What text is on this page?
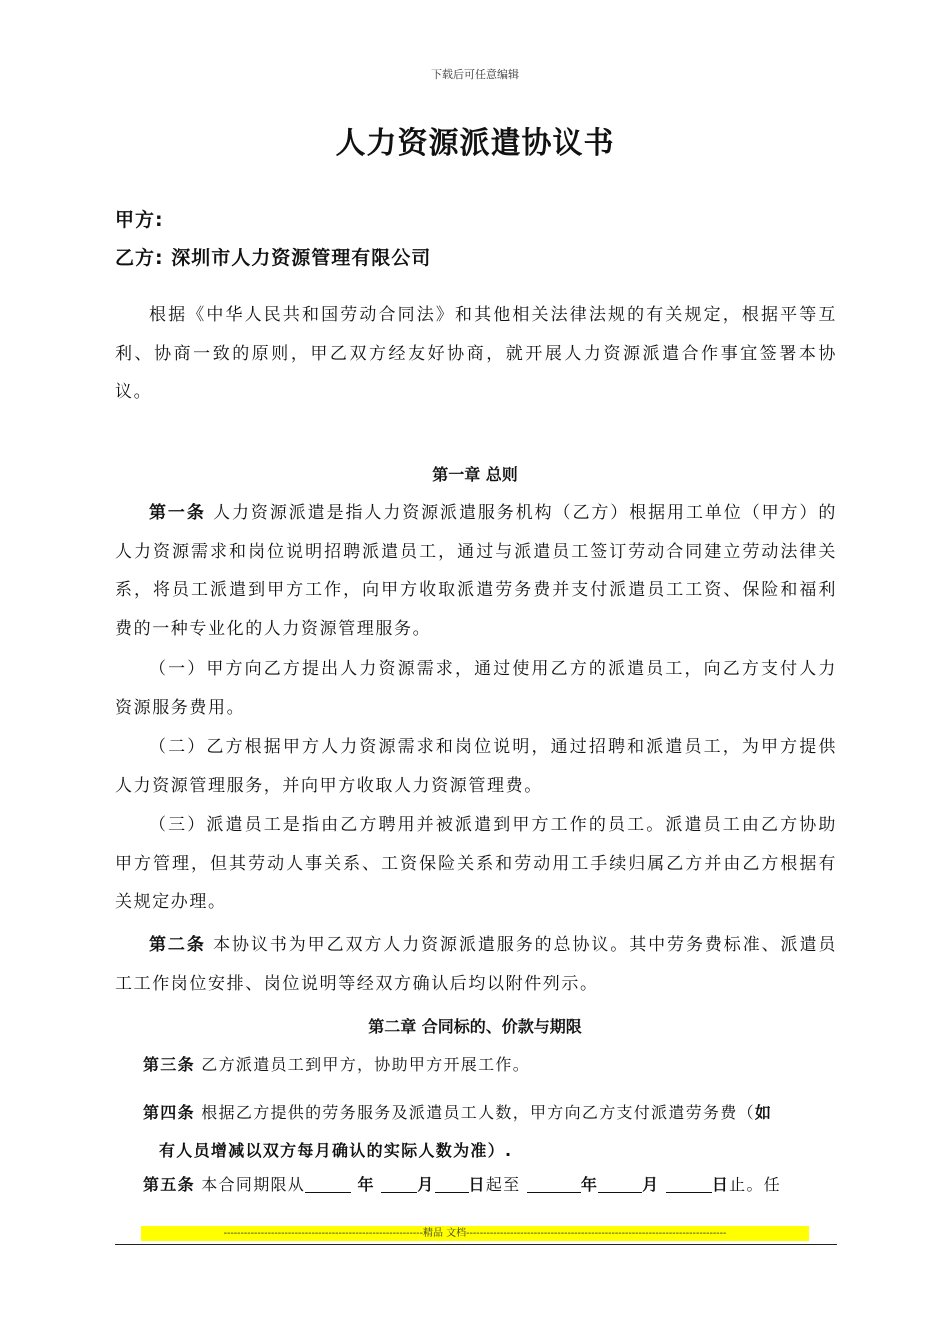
下载后可任意编辑
人力资源派遣协议书
甲方:
乙方: 深圳市人力资源管理有限公司
根据《中华人民共和国劳动合同法》和其他相关法律法规的有关规定，根据平等互利、协商一致的原则，甲乙双方经友好协商，就开展人力资源派遣合作事宜签署本协议。
第一章 总则
第一条 人力资源派遣是指人力资源派遣服务机构（乙方）根据用工单位（甲方）的人力资源需求和岗位说明招聘派遣员工，通过与派遣员工签订劳动合同建立劳动法律关系，将员工派遣到甲方工作，向甲方收取派遣劳务费并支付派遣员工工资、保险和福利费的一种专业化的人力资源管理服务。
（一）甲方向乙方提出人力资源需求，通过使用乙方的派遣员工，向乙方支付人力资源服务费用。
（二）乙方根据甲方人力资源需求和岗位说明，通过招聘和派遣员工，为甲方提供人力资源管理服务，并向甲方收取人力资源管理费。
（三）派遣员工是指由乙方聘用并被派遣到甲方工作的员工。派遣员工由乙方协助甲方管理，但其劳动人事关系、工资保险关系和劳动用工手续归属乙方并由乙方根据有关规定办理。
第二条 本协议书为甲乙双方人力资源派遣服务的总协议。其中劳务费标准、派遣员工工作岗位安排、岗位说明等经双方确认后均以附件列示。
第二章 合同标的、价款与期限
第三条 乙方派遣员工到甲方，协助甲方开展工作。
第四条 根据乙方提供的劳务服务及派遣员工人数，甲方向乙方支付派遣劳务费（如
有人员增减以双方每月确认的实际人数为准）.
第五条 本合同期限从	年	月 日起至	年	月	日止。任
-----------------------------------------------------------精品 文档-----------------------------------------------------------------------------
